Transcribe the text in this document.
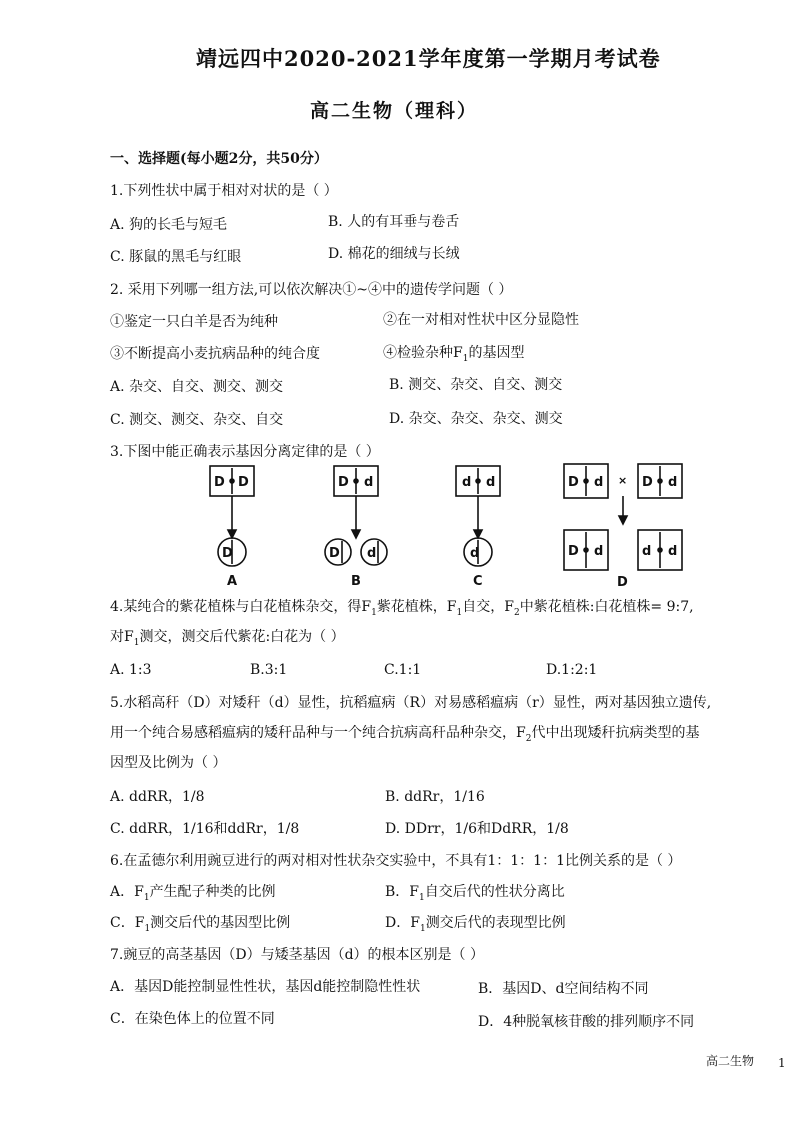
靖远四中2020-2021学年度第一学期月考试卷
高二生物（理科）
一、选择题(每小题2分，共50分）
1.下列性状中属于相对对状的是（ ）
A. 狗的长毛与短毛	B. 人的有耳垂与卷舌
C. 豚鼠的黑毛与红眼	D. 棉花的细绒与长绒
2. 采用下列哪一组方法,可以依次解决①~④中的遗传学问题（ ）
①鉴定一只白羊是否为纯种	②在一对相对性状中区分显隐性
③不断提高小麦抗病品种的纯合度	④检验杂种$F_1$的基因型
A. 杂交、自交、测交、测交	B. 测交、杂交、自交、测交
C. 测交、测交、杂交、自交	D. 杂交、杂交、杂交、测交
3.下图中能正确表示基因分离定律的是（ ）
D D
D
D d
D d
d d
d
D d	D d
×
D d	d d
A	B	C	D
4.某纯合的紫花植株与白花植株杂交，得$F_1$紫花植株，$F_1$自交，$F_2$中紫花植株:白花植株= 9:7,
对$F_1$测交，测交后代紫花:白花为（ ）
A. 1:3	B.3:1	C.1:1	D.1:2:1
5.水稻高秆（D）对矮秆（d）显性，抗稻瘟病（R）对易感稻瘟病（r）显性，两对基因独立遗传,
用一个纯合易感稻瘟病的矮秆品种与一个纯合抗病高秆品种杂交，$F_2$代中出现矮秆抗病类型的基
因型及比例为（ ）
A. ddRR，1/8	B. ddRr，1/16
C. ddRR，1/16和ddRr，1/8	D. DDrr，1/6和DdRR，1/8
6.在孟德尔利用豌豆进行的两对相对性状杂交实验中，不具有1：1：1：1比例关系的是（ ）
A．$F_1$产生配子种类的比例	B．$F_1$自交后代的性状分离比
C．$F_1$测交后代的基因型比例	D．$F_1$测交后代的表现型比例
7.豌豆的高茎基因（D）与矮茎基因（d）的根本区别是（ ）
A．基因D能控制显性性状，基因d能控制隐性性状	B．基因D、d空间结构不同
C．在染色体上的位置不同	D．4种脱氧核苷酸的排列顺序不同
高二生物 1
